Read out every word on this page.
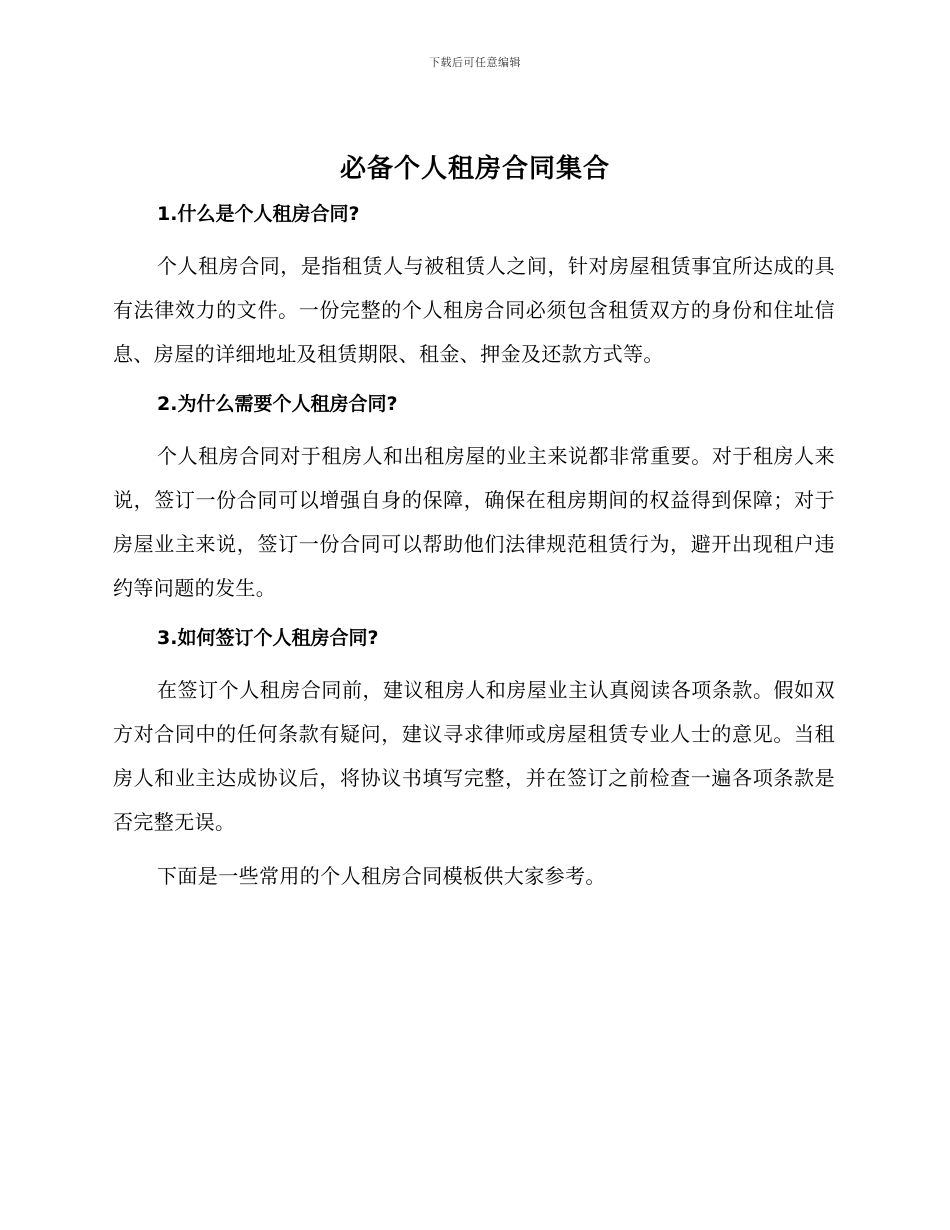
下载后可任意编辑
必备个人租房合同集合
1.什么是个人租房合同?

个人租房合同，是指租赁人与被租赁人之间，针对房屋租赁事宜所达成的具有法律效力的文件。一份完整的个人租房合同必须包含租赁双方的身份和住址信息、房屋的详细地址及租赁期限、租金、押金及还款方式等。

2.为什么需要个人租房合同?

个人租房合同对于租房人和出租房屋的业主来说都非常重要。对于租房人来说，签订一份合同可以增强自身的保障，确保在租房期间的权益得到保障；对于房屋业主来说，签订一份合同可以帮助他们法律规范租赁行为，避开出现租户违约等问题的发生。

3.如何签订个人租房合同?

在签订个人租房合同前，建议租房人和房屋业主认真阅读各项条款。假如双方对合同中的任何条款有疑问，建议寻求律师或房屋租赁专业人士的意见。当租房人和业主达成协议后，将协议书填写完整，并在签订之前检查一遍各项条款是否完整无误。

下面是一些常用的个人租房合同模板供大家参考。
